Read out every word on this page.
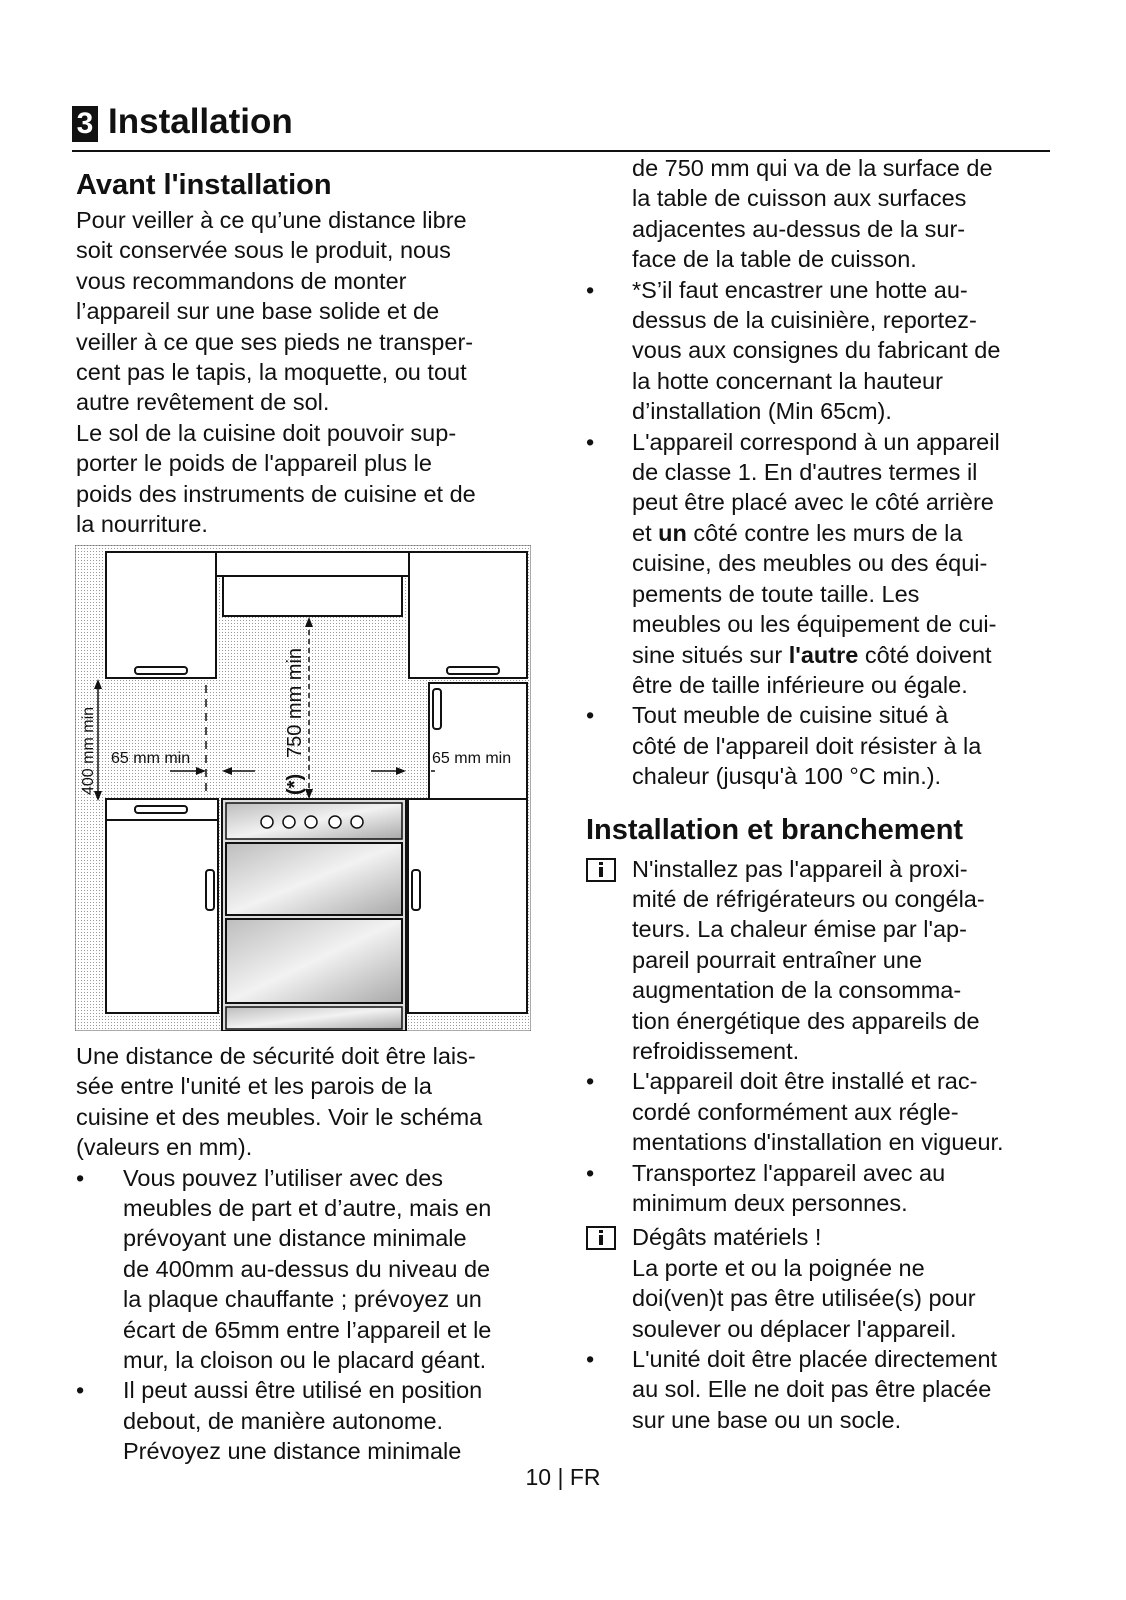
3 Installation
Avant l'installation

Pour veiller à ce qu’une distance libre

soit conservée sous le produit, nous

vous recommandons de monter

l’appareil sur une base solide et de

veiller à ce que ses pieds ne transper-

cent pas le tapis, la moquette, ou tout

autre revêtement de sol.

Le sol de la cuisine doit pouvoir sup-

porter le poids de l'appareil plus le

poids des instruments de cuisine et de

la nourriture.

400 mm min 65 mm min	65 mm min
750 mm min
(*)

Une distance de sécurité doit être lais-

sée entre l'unité et les parois de la

cuisine et des meubles. Voir le schéma

(valeurs en mm).

• Vous pouvez l’utiliser avec des

meubles de part et d’autre, mais en

prévoyant une distance minimale

de 400mm au-dessus du niveau de

la plaque chauffante ; prévoyez un

écart de 65mm entre l’appareil et le

mur, la cloison ou le placard géant.

• Il peut aussi être utilisé en position

debout, de manière autonome.

Prévoyez une distance minimale

de 750 mm qui va de la surface de

la table de cuisson aux surfaces

adjacentes au-dessus de la sur-

face de la table de cuisson.

• *S’il faut encastrer une hotte au-

dessus de la cuisinière, reportez-

vous aux consignes du fabricant de

la hotte concernant la hauteur

d’installation (Min 65cm).

• L'appareil correspond à un appareil

de classe 1. En d'autres termes il

peut être placé avec le côté arrière

et un côté contre les murs de la

cuisine, des meubles ou des équi-

pements de toute taille. Les

meubles ou les équipement de cui-

sine situés sur l'autre côté doivent

être de taille inférieure ou égale.

• Tout meuble de cuisine situé à

côté de l'appareil doit résister à la

chaleur (jusqu'à 100 °C min.).

Installation et branchement

N'installez pas l'appareil à proxi-

mité de réfrigérateurs ou congéla-

teurs. La chaleur émise par l'ap-

pareil pourrait entraîner une

augmentation de la consomma-

tion énergétique des appareils de

refroidissement.

• L'appareil doit être installé et rac-

cordé conformément aux régle-

mentations d'installation en vigueur.

• Transportez l'appareil avec au

minimum deux personnes.

Dégâts matériels !

La porte et ou la poignée ne

doi(ven)t pas être utilisée(s) pour

soulever ou déplacer l'appareil.

• L'unité doit être placée directement

au sol. Elle ne doit pas être placée

sur une base ou un socle.

10 | FR
